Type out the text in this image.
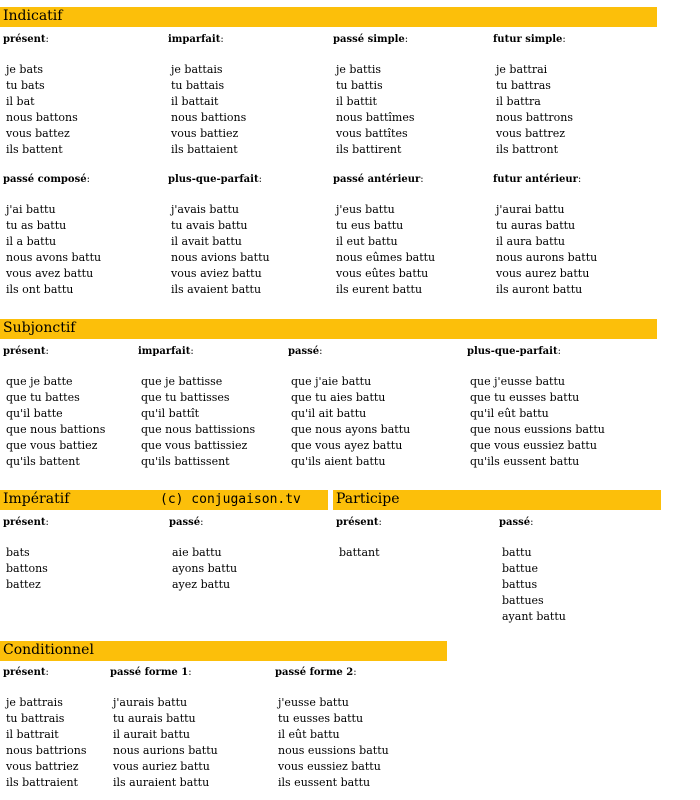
Indicatif
présent:
je bats
tu bats
il bat
nous battons
vous battez
ils battent
imparfait:
je battais
tu battais
il battait
nous battions
vous battiez
ils battaient
passé simple:
je battis
tu battis
il battit
nous battîmes
vous battîtes
ils battirent
futur simple:
je battrai
tu battras
il battra
nous battrons
vous battrez
ils battront
passé composé:
j'ai battu
tu as battu
il a battu
nous avons battu
vous avez battu
ils ont battu
plus-que-parfait:
j'avais battu
tu avais battu
il avait battu
nous avions battu
vous aviez battu
ils avaient battu
passé antérieur:
j'eus battu
tu eus battu
il eut battu
nous eûmes battu
vous eûtes battu
ils eurent battu
futur antérieur:
j'aurai battu
tu auras battu
il aura battu
nous aurons battu
vous aurez battu
ils auront battu
Subjonctif
présent:
que je batte
que tu battes
qu'il batte
que nous battions
que vous battiez
qu'ils battent
imparfait:
que je battisse
que tu battisses
qu'il battît
que nous battissions
que vous battissiez
qu'ils battissent
passé:
que j'aie battu
que tu aies battu
qu'il ait battu
que nous ayons battu
que vous ayez battu
qu'ils aient battu
plus-que-parfait:
que j'eusse battu
que tu eusses battu
qu'il eût battu
que nous eussions battu
que vous eussiez battu
qu'ils eussent battu
Impératif	(c) conjugaison.tv
présent:
bats
battons
battez
passé:
aie battu
ayons battu
ayez battu
Participe
présent:
battant
passé:
battu
battue
battus
battues
ayant battu
Conditionnel
présent:
je battrais
tu battrais
il battrait
nous battrions
vous battriez
ils battraient
passé forme 1:
j'aurais battu
tu aurais battu
il aurait battu
nous aurions battu
vous auriez battu
ils auraient battu
passé forme 2:
j'eusse battu
tu eusses battu
il eût battu
nous eussions battu
vous eussiez battu
ils eussent battu
